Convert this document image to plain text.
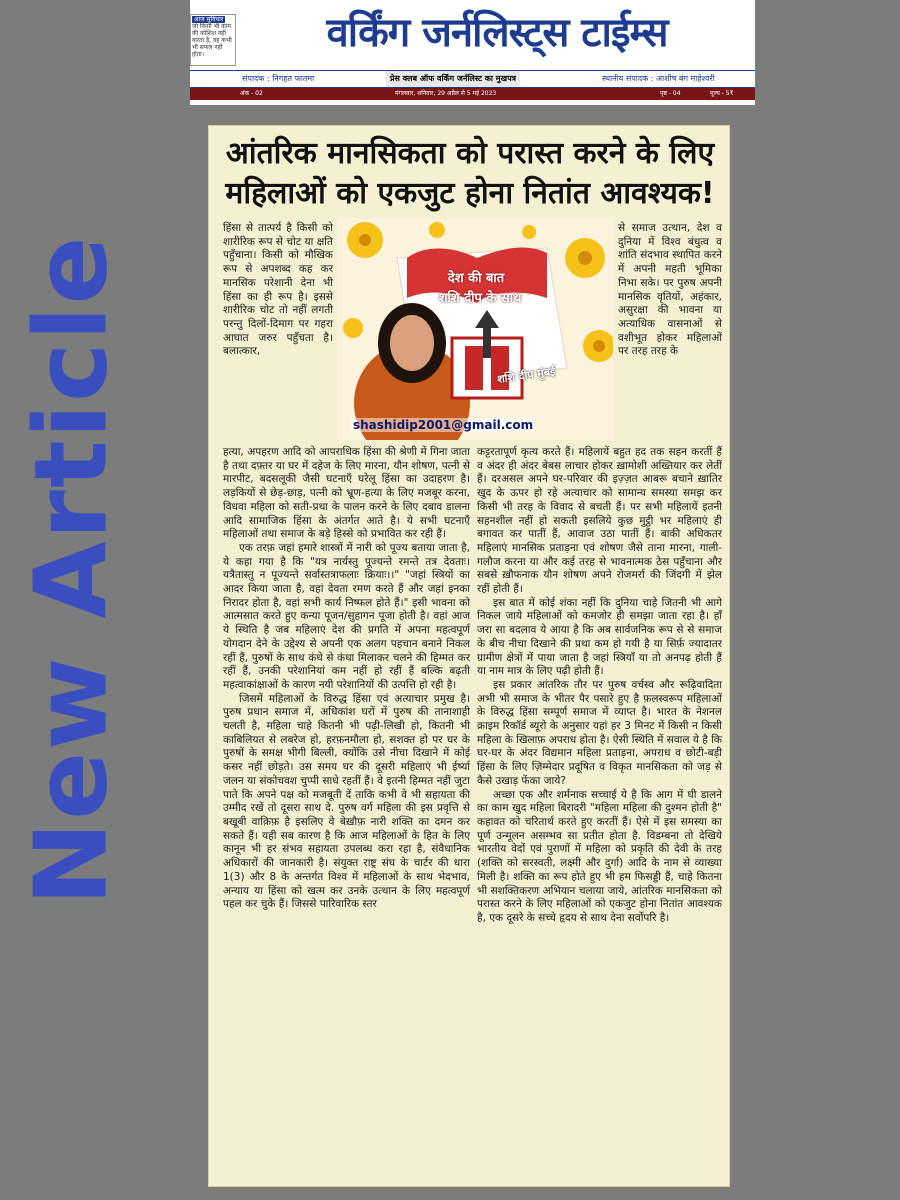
आज सुविचार
जो किसी भी काम की कोशिश नहीं करता है, वह कभी भी सफल नहीं होता।	वर्किंग जर्नलिस्ट्स टाईम्स
संपादक : निगहत फातमा	प्रेस क्लब ऑफ वर्किंग जर्नलिस्ट का मुखपत्र	स्थानीय संपादक : आशीष बंग माहेश्वरी
अंक - 02	मंगलवार, शनिवार, 29 अप्रैल से 5 मई 2023	पृष्ठ - 04	मूल्य - 5₹
New Article
आंतरिक मानसिकता को परास्त करने के लिए
महिलाओं को एकजुट होना नितांत आवश्यक!

हिंसा से तात्पर्य है किसी को शारीरिक रूप से चोट या क्षति पहुँचाना। किसी को मौखिक रूप से अपशब्द कह कर मानसिक परेशानी देना भी हिंसा का ही रूप है। इससे शारीरिक चोट तो नहीं लगती परन्तु दिलों-दिमाग पर गहरा आघात जरुर पहुँचता है। बलात्कार,

देश की बात
शशि दीप के साथ
शशि दीप मुंबई
shashidip2001@gmail.com

से समाज उत्थान, देश व दुनिया में विश्व बंधुत्व व शांति संदभाव स्थापित करने में अपनी महती भूमिका निभा सके। पर पुरुष अपनी मानसिक वृतियों, अहंकार, असुरक्षा की भावना या अत्याधिक वासनाओं से वशीभूत होकर महिलाओं पर तरह तरह के

हत्या, अपहरण आदि को आपराधिक हिंसा की श्रेणी में गिना जाता है तथा दफ़्तर या घर में दहेज के लिए मारना, यौन शोषण, पत्नी से मारपीट, बदसलूकी जैसी घटनाएँ घरेलू हिंसा का उदाहरण है। लड़कियों से छेड़-छाड़, पत्नी को भ्रूण-हत्या के लिए मजबूर करना, विधवा महिला को सती-प्रथा के पालन करने के लिए दबाव डालना आदि सामाजिक हिंसा के अंतर्गत आते है। ये सभी घटनाएँ महिलाओं तथा समाज के बड़े हिस्से को प्रभावित कर रही हैं।

एक तरफ़ जहां हमारे शास्त्रों में नारी को पूज्य बताया जाता है, ये कहा गया है कि "यत्र नार्यस्तु पूज्यन्ते रमन्ते तत्र देवताः। यत्रैतास्तु न पूज्यन्ते सर्वास्तत्राफलाः क्रियाः।।" "जहां स्त्रियों का आदर किया जाता है, वहां देवता रमण करते हैं और जहां इनका निरादर होता है, वहां सभी कार्य निष्फल होते हैं।" इसी भावना को आत्मसात करते हुए कन्या पूजन/सुहागन पूजा होती है। वहां आज ये स्थिति है जब महिलाएं देश की प्रगति में अपना महत्वपूर्ण योगदान देने के उद्देश्य से अपनी एक अलग पहचान बनाने निकल रहीं हैं, पुरुषों के साथ कंधे से कंधा मिलाकर चलने की हिम्मत कर रहीं हैं, उनकी परेशानियां कम नहीं हो रहीं हैं बल्कि बढ़ती महत्वाकांक्षाओं के कारण नयी परेशानियों की उत्पत्ति हो रही है।

जिसमें महिलाओं के विरुद्ध हिंसा एवं अत्याचार प्रमुख है। पुरुष प्रधान समाज में, अधिकांश घरों में पुरुष की तानाशाही चलती है, महिला चाहे कितनी भी पढ़ी-लिखी हो, कितनी भी काबिलियत से लबरेज हो, हरफ़नमौला हो, सशक्त हो पर घर के पुरुषों के समक्ष भीगी बिल्ली, क्योंकि उसे नीचा दिखाने में कोई कसर नहीं छोड़ते। उस समय घर की दूसरी महिलाएं भी ईर्ष्या जलन या संकोचवश चुप्पी साधे रहतीं हैं। वे इतनी हिम्मत नहीं जुटा पाते कि अपने पक्ष को मजबूती दें ताकि कभी वे भी सहायता की उम्मीद रखें तो दूसरा साथ दे. पुरुष वर्ग महिला की इस प्रवृत्ति से बखूबी वाक़िफ़ है इसलिए वे बेख़ौफ़ नारी शक्ति का दमन कर सकते हैं। यही सब कारण है कि आज महिलाओं के हित के लिए कानून भी हर संभव सहायता उपलब्ध करा रहा है, संवैधानिक अधिकारों की जानकारी है। संयुक्त राष्ट्र संघ के चार्टर की धारा 1(3) और 8 के अन्तर्गत विश्व में महिलाओं के साथ भेदभाव, अन्याय या हिंसा को खत्म कर उनके उत्थान के लिए महत्वपूर्ण पहल कर चुके हैं। जिससे पारिवारिक स्तर

कट्टरतापूर्ण कृत्य करते हैं। महिलायें बहुत हद तक सहन करतीं हैं व अंदर ही अंदर बेबस लाचार होकर ख़ामोशी अख्तियार कर लेतीं हैं। दरअसल अपने घर-परिवार की इज़्ज़त आबरू बचाने ख़ातिर खुद के ऊपर हो रहे अत्याचार को सामान्य समस्या समझ कर किसी भी तरह के विवाद से बचती हैं। पर सभी महिलायें इतनी सहनशील नहीं हो सकती इसलिये कुछ मुट्ठी भर महिलाएं ही बगावत कर पातीं हैं, आवाज उठा पातीं हैं। बाकी अधिकतर महिलाएं मानसिक प्रताड़ना एवं शोषण जैसे ताना मारना, गाली-गलौज करना या और कई तरह से भावनात्मक ठेस पहुँचाना और सबसे ख़ौफनाक यौन शोषण अपने रोजमर्रा की जिंदगी में झेल रहीं होती हैं।

इस बात में कोई शंका नहीं कि दुनिया चाहे जितनी भी आगे निकल जाये महिलाओं को कमजोर ही समझा जाता रहा है। हाँ जरा सा बदलाव ये आया है कि अब सार्वजनिक रूप से से समाज के बीच नीचा दिखाने की प्रथा कम हो गयी है या सिर्फ़ ज्यादातर ग्रामीण क्षेत्रों में पाया जाता है जहां स्त्रियाँ या तो अनपढ़ होती हैं या नाम मात्र के लिए पढ़ी होती हैं।

इस प्रकार आंतरिक तौर पर पुरुष वर्चस्व और रूढ़िवादिता अभी भी समाज के भीतर पैर पसारे हुए है फ़लस्वरूप महिलाओं के विरुद्ध हिंसा सम्पूर्ण समाज में व्याप्त है। भारत के नेशनल क्राइम रिकॉर्ड ब्यूरो के अनुसार यहां हर 3 मिनट में किसी न किसी महिला के खिलाफ़ अपराध होता है। ऐसी स्थिति में सवाल ये है कि घर-घर के अंदर विद्यमान महिला प्रताड़ना, अपराध व छोटी-बड़ी हिंसा के लिए ज़िम्मेदार प्रदूषित व विकृत मानसिकता को जड़ से कैसे उखाड़ फेंका जाये?

अच्छा एक और शर्मनाक सच्चाई ये है कि आग में घी डालने का काम खुद महिला बिरादरी "महिला महिला की दुश्मन होती है" कहावत को चरितार्थ करते हुए करतीं हैं। ऐसे में इस समस्या का पूर्ण उन्मूलन असम्भव सा प्रतीत होता है. विडम्बना तो देखिये भारतीय वेदों एवं पुराणों में महिला को प्रकृति की देवी के तरह (शक्ति को सरस्वती, लक्ष्मी और दुर्गा) आदि के नाम से व्याख्या मिली है। शक्ति का रूप होते हुए भी हम फिसड्डी हैं, चाहे कितना भी सशक्तिकरण अभियान चलाया जाये, आंतरिक मानसिकता को परास्त करने के लिए महिलाओं को एकजुट होना नितांत आवश्यक है, एक दूसरे के सच्चे हृदय से साथ देना सर्वोपरि है।
